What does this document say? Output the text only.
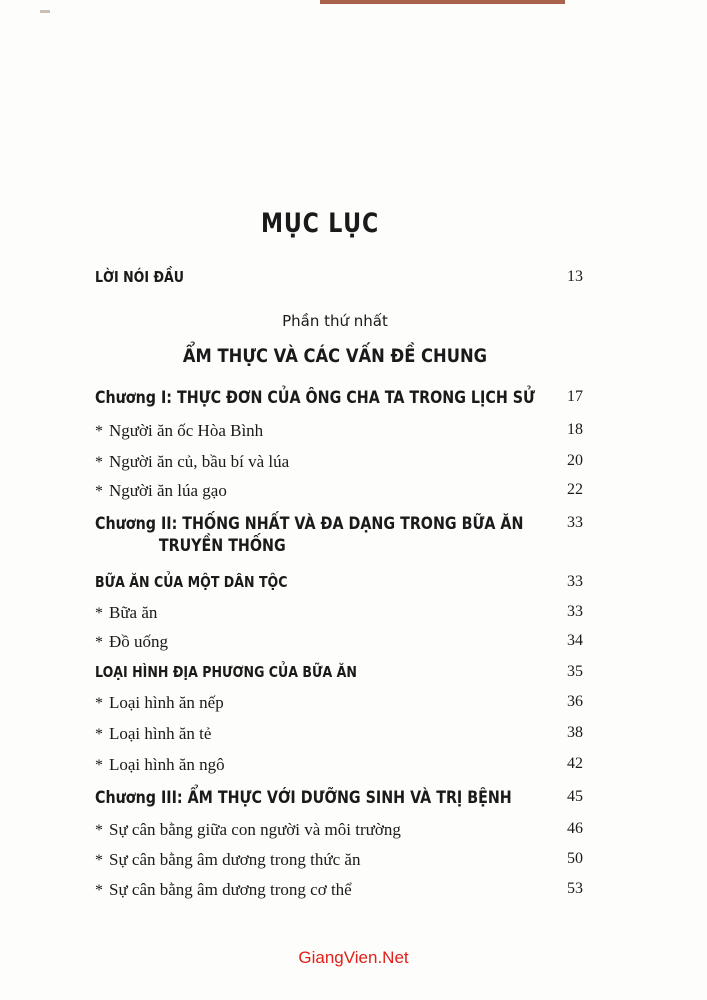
MỤC LỤC
LỜI NÓI ĐẦU	13
Phần thứ nhất
ẨM THỰC VÀ CÁC VẤN ĐỀ CHUNG
Chương I: THỰC ĐƠN CỦA ÔNG CHA TA TRONG LỊCH SỬ 17
* Người ăn ốc Hòa Bình	18
* Người ăn củ, bầu bí và lúa	20
* Người ăn lúa gạo	22
Chương II: THỐNG NHẤT VÀ ĐA DẠNG TRONG BỮA ĂN
TRUYỀN THỐNG
33
BỮA ĂN CỦA MỘT DÂN TỘC	33
* Bữa ăn	33
* Đồ uống	34
LOẠI HÌNH ĐỊA PHƯƠNG CỦA BỮA ĂN	35
* Loại hình ăn nếp	36
* Loại hình ăn tẻ	38
* Loại hình ăn ngô	42
Chương III: ẨM THỰC VỚI DƯỠNG SINH VÀ TRỊ BỆNH	45
* Sự cân bằng giữa con người và môi trường	46
* Sự cân bằng âm dương trong thức ăn	50
* Sự cân bằng âm dương trong cơ thể	53
GiangVien.Net
